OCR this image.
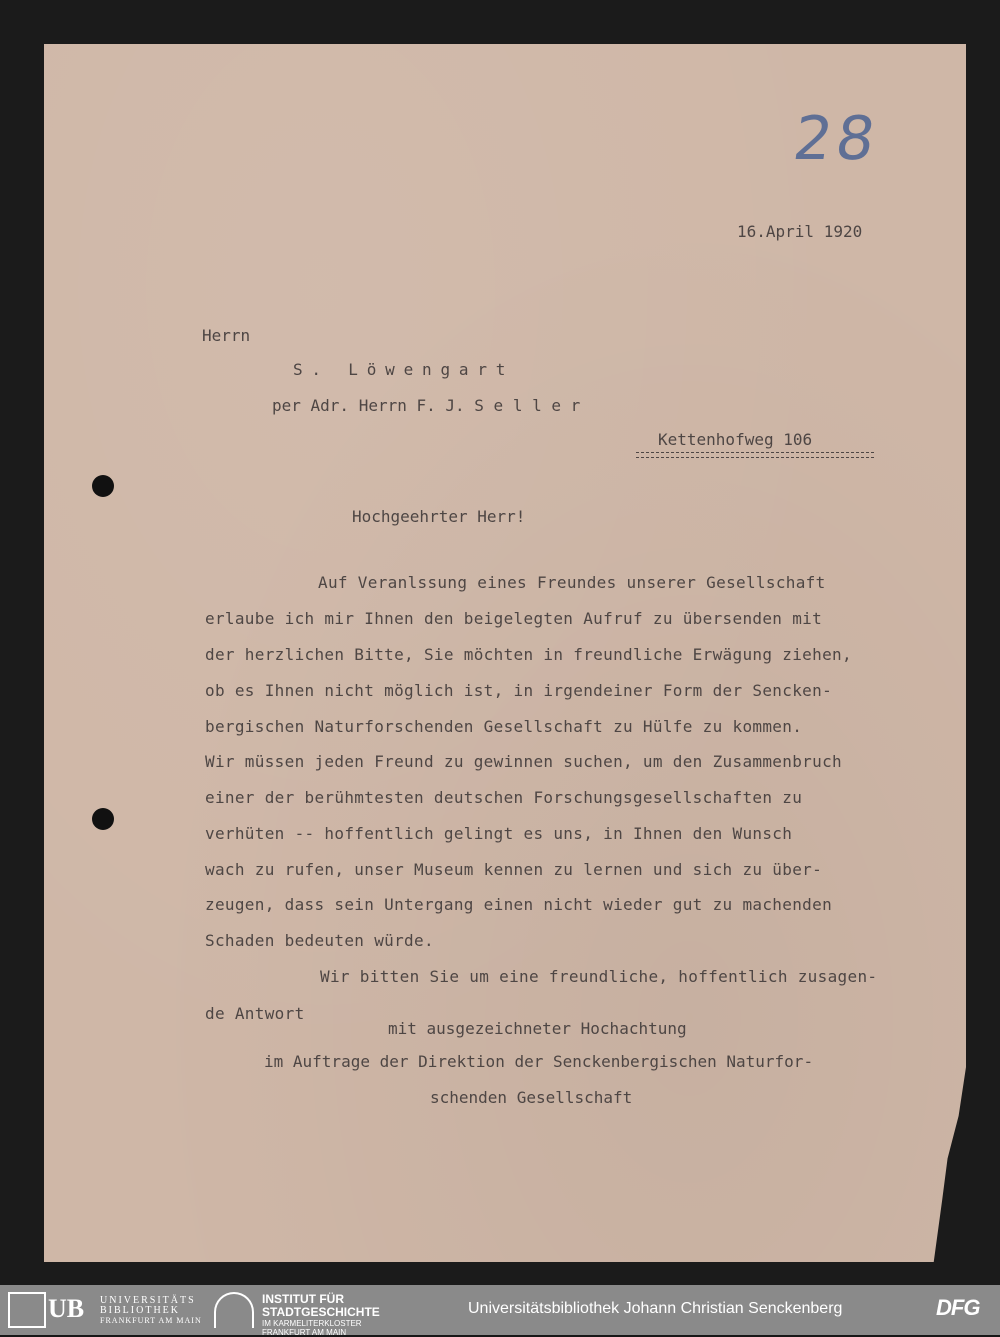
28
16.April 1920
Herrn
S. Löwengart
per Adr. Herrn F. J. S e l l e r
Kettenhofweg 106
Hochgeehrter Herr!
Auf Veranlssung eines Freundes unserer Gesellschaft
erlaube ich mir Ihnen den beigelegten Aufruf zu übersenden mit
der herzlichen Bitte, Sie möchten in freundliche Erwägung ziehen,
ob es Ihnen nicht möglich ist, in irgendeiner Form der Sencken-
bergischen Naturforschenden Gesellschaft zu Hülfe zu kommen.
Wir müssen jeden Freund zu gewinnen suchen, um den Zusammenbruch
einer der berühmtesten deutschen Forschungsgesellschaften zu
verhüten -- hoffentlich gelingt es uns, in Ihnen den Wunsch
wach zu rufen, unser Museum kennen zu lernen und sich zu über-
zeugen, dass sein Untergang einen nicht wieder gut zu machenden
Schaden bedeuten würde.
Wir bitten Sie um eine freundliche, hoffentlich zusagen-
de Antwort
mit ausgezeichneter Hochachtung
im Auftrage der Direktion der Senckenbergischen Naturfor-
schenden Gesellschaft
UB UNIVERSITÄTS
BIBLIOTHEK
FRANKFURT AM MAIN
INSTITUT FÜR
STADTGESCHICHTE
IM KARMELITERKLOSTER
FRANKFURT AM MAIN
Universitätsbibliothek Johann Christian Senckenberg	DFG
